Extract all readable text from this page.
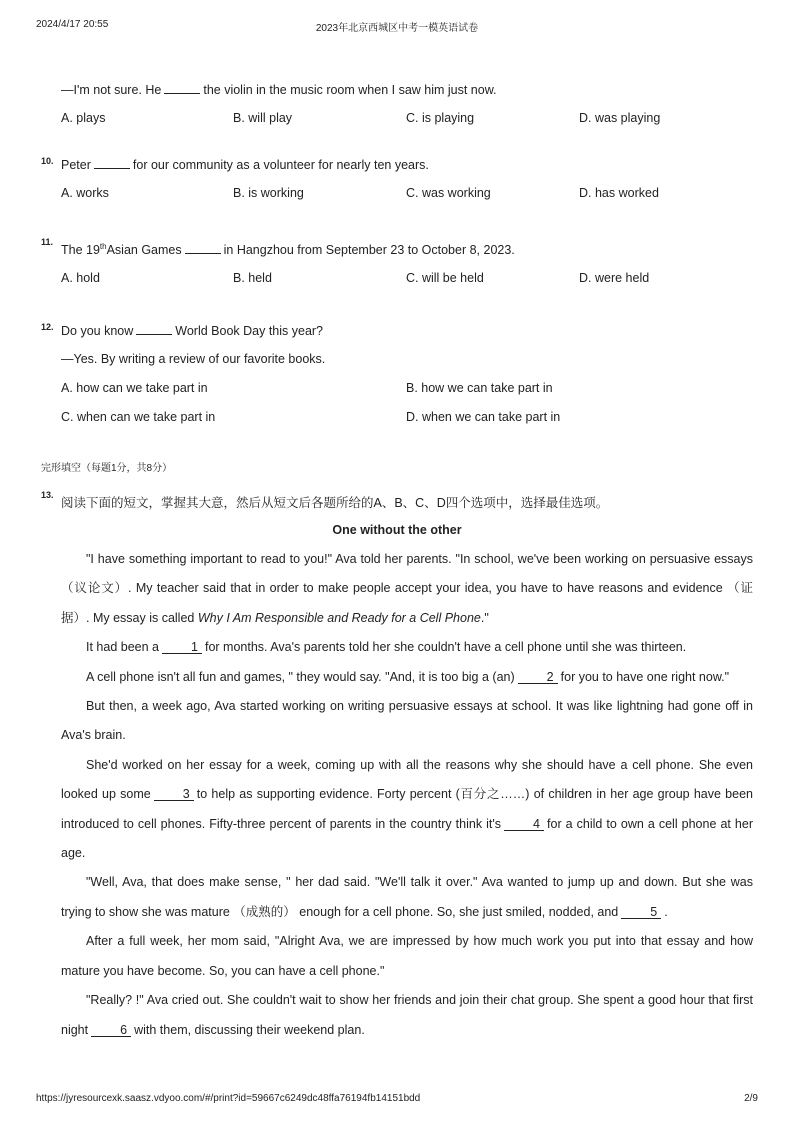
2024/4/17 20:55	2023年北京西城区中考一模英语试卷
—I'm not sure. He	the violin in the music room when I saw him just now.
A. plays	B. will play	C. is playing	D. was playing
10. Peter	for our community as a volunteer for nearly ten years.
A. works	B. is working	C. was working	D. has worked
11.
The 19thAsian Games	in Hangzhou from September 23 to October 8, 2023.
A. hold	B. held	C. will be held	D. were held
12. Do you know	World Book Day this year?
—Yes. By writing a review of our favorite books.
A. how can we take part in	B. how we can take part in
C. when can we take part in	D. when we can take part in
完形填空（每题1分，共8分）
13.
阅读下面的短文，掌握其大意，然后从短文后各题所给的A、B、C、D四个选项中，选择最佳选项。
One without the other

"I have something important to read to you!" Ava told her parents. "In school, we've been working on persuasive essays （议论文）. My teacher said that in order to make people accept your idea, you have to have reasons and evidence （证据）. My essay is called Why I Am Responsible and Ready for a Cell Phone."

It had been a	1 for months. Ava's parents told her she couldn't have a cell phone until she was thirteen.

A cell phone isn't all fun and games, " they would say. "And, it is too big a (an)	2 for you to have one right now."

But then, a week ago, Ava started working on writing persuasive essays at school. It was like lightning had gone off in Ava's brain.

She'd worked on her essay for a week, coming up with all the reasons why she should have a cell phone. She even looked up some	3 to help as supporting evidence. Forty percent (百分之……) of children in her age group have been introduced to cell phones. Fifty-three percent of parents in the country think it's	4 for a child to own a cell phone at her age.

"Well, Ava, that does make sense, " her dad said. "We'll talk it over." Ava wanted to jump up and down. But she was trying to show she was mature （成熟的） enough for a cell phone. So, she just smiled, nodded, and	5 .

After a full week, her mom said, "Alright Ava, we are impressed by how much work you put into that essay and how mature you have become. So, you can have a cell phone."

"Really? !" Ava cried out. She couldn't wait to show her friends and join their chat group. She spent a good hour that first night	6 with them, discussing their weekend plan.

https://jyresourcexk.saasz.vdyoo.com/#/print?id=59667c6249dc48ffa76194fb14151bdd	2/9
